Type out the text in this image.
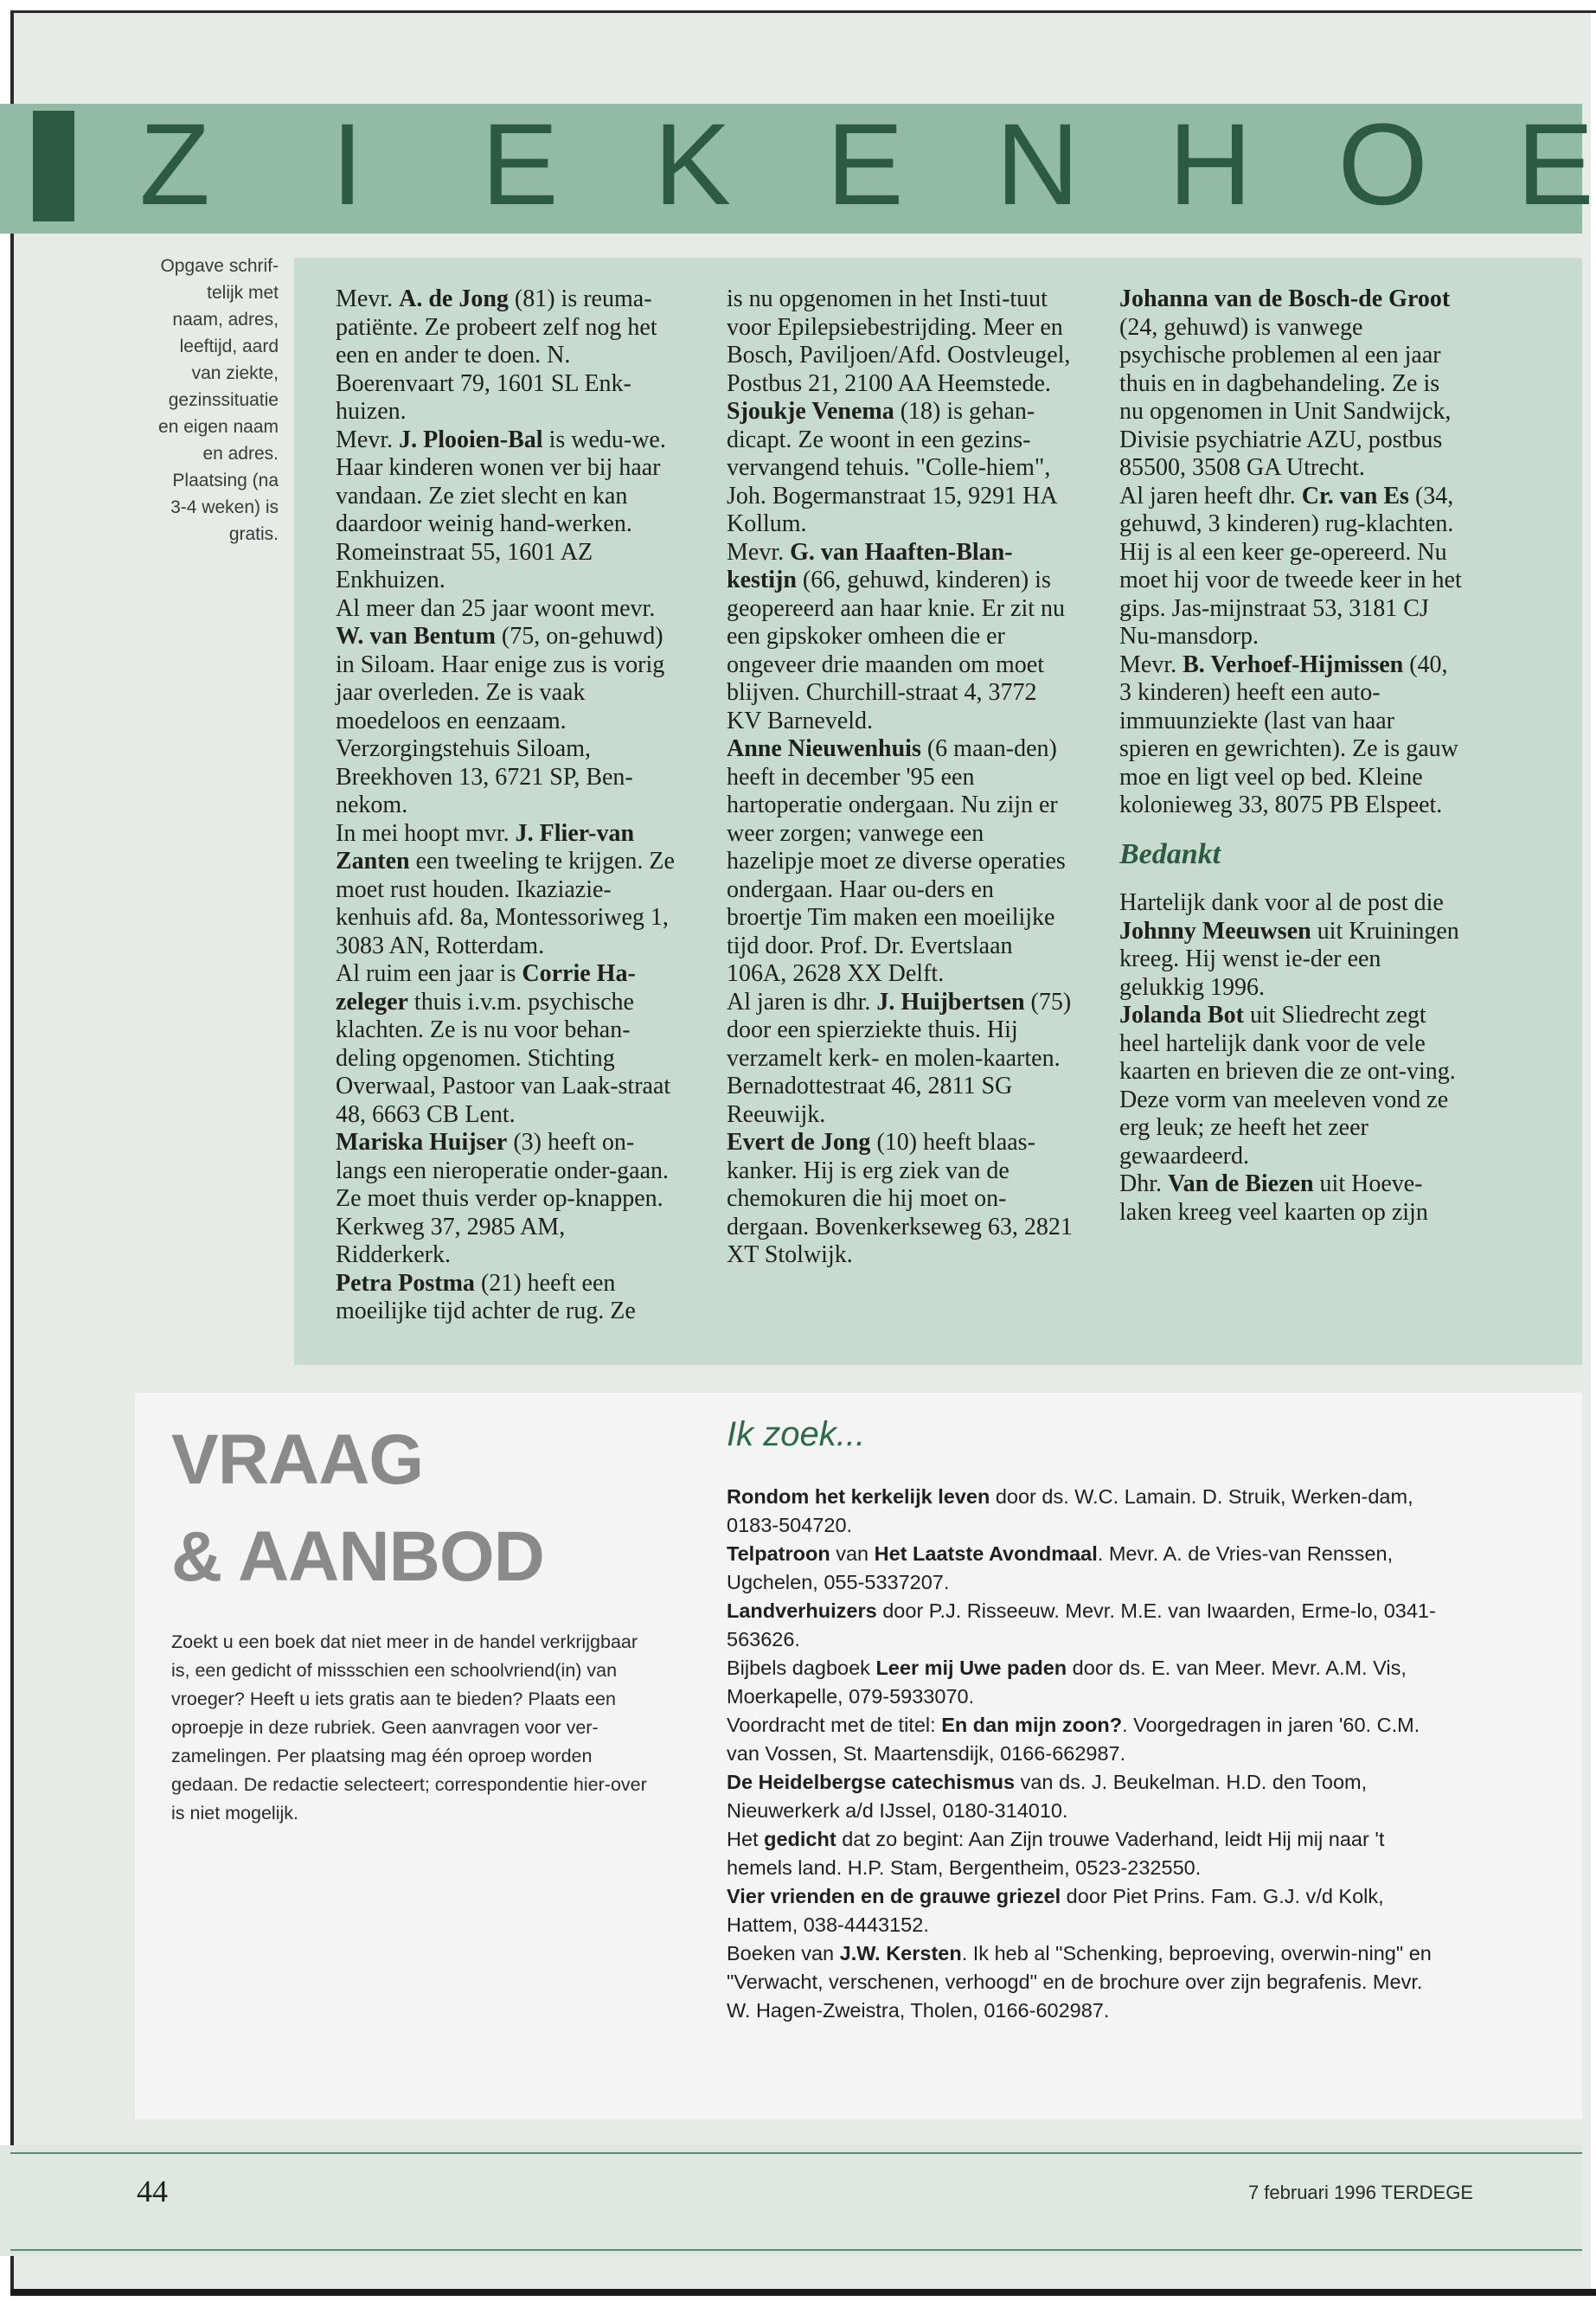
Z I E K E N H O E
Opgave schrif-
telijk met
naam, adres,
leeftijd, aard
van ziekte,
gezinssituatie
en eigen naam
en adres.
Plaatsing (na
3-4 weken) is
gratis.

Mevr. A. de Jong (81) is reuma-patiënte. Ze probeert zelf nog het een en ander te doen. N. Boerenvaart 79, 1601 SL Enk-huizen.

Mevr. J. Plooien-Bal is wedu-we. Haar kinderen wonen ver bij haar vandaan. Ze ziet slecht en kan daardoor weinig hand-werken. Romeinstraat 55, 1601 AZ Enkhuizen.

Al meer dan 25 jaar woont mevr. W. van Bentum (75, on-gehuwd) in Siloam. Haar enige zus is vorig jaar overleden. Ze is vaak moedeloos en eenzaam. Verzorgingstehuis Siloam, Breekhoven 13, 6721 SP, Ben-nekom.

In mei hoopt mvr. J. Flier-van Zanten een tweeling te krijgen. Ze moet rust houden. Ikaziazie-kenhuis afd. 8a, Montessoriweg 1, 3083 AN, Rotterdam.

Al ruim een jaar is Corrie Ha-zeleger thuis i.v.m. psychische klachten. Ze is nu voor behan-deling opgenomen. Stichting Overwaal, Pastoor van Laak-straat 48, 6663 CB Lent.

Mariska Huijser (3) heeft on-langs een nieroperatie onder-gaan. Ze moet thuis verder op-knappen. Kerkweg 37, 2985 AM, Ridderkerk.

Petra Postma (21) heeft een moeilijke tijd achter de rug. Ze

is nu opgenomen in het Insti-tuut voor Epilepsiebestrijding. Meer en Bosch, Paviljoen/Afd. Oostvleugel, Postbus 21, 2100 AA Heemstede.

Sjoukje Venema (18) is gehan-dicapt. Ze woont in een gezins-vervangend tehuis. "Colle-hiem", Joh. Bogermanstraat 15, 9291 HA Kollum.

Mevr. G. van Haaften-Blan-kestijn (66, gehuwd, kinderen) is geopereerd aan haar knie. Er zit nu een gipskoker omheen die er ongeveer drie maanden om moet blijven. Churchill-straat 4, 3772 KV Barneveld.

Anne Nieuwenhuis (6 maan-den) heeft in december '95 een hartoperatie ondergaan. Nu zijn er weer zorgen; vanwege een hazelipje moet ze diverse operaties ondergaan. Haar ou-ders en broertje Tim maken een moeilijke tijd door. Prof. Dr. Evertslaan 106A, 2628 XX Delft.

Al jaren is dhr. J. Huijbertsen (75) door een spierziekte thuis. Hij verzamelt kerk- en molen-kaarten. Bernadottestraat 46, 2811 SG Reeuwijk.

Evert de Jong (10) heeft blaas-kanker. Hij is erg ziek van de chemokuren die hij moet on-dergaan. Bovenkerkseweg 63, 2821 XT Stolwijk.

Johanna van de Bosch-de Groot (24, gehuwd) is vanwege psychische problemen al een jaar thuis en in dagbehandeling. Ze is nu opgenomen in Unit Sandwijck, Divisie psychiatrie AZU, postbus 85500, 3508 GA Utrecht.

Al jaren heeft dhr. Cr. van Es (34, gehuwd, 3 kinderen) rug-klachten. Hij is al een keer ge-opereerd. Nu moet hij voor de tweede keer in het gips. Jas-mijnstraat 53, 3181 CJ Nu-mansdorp.

Mevr. B. Verhoef-Hijmissen (40, 3 kinderen) heeft een auto-immuunziekte (last van haar spieren en gewrichten). Ze is gauw moe en ligt veel op bed. Kleine kolonieweg 33, 8075 PB Elspeet.

Bedankt

Hartelijk dank voor al de post die Johnny Meeuwsen uit Kruiningen kreeg. Hij wenst ie-der een gelukkig 1996.

Jolanda Bot uit Sliedrecht zegt heel hartelijk dank voor de vele kaarten en brieven die ze ont-ving. Deze vorm van meeleven vond ze erg leuk; ze heeft het zeer gewaardeerd.

Dhr. Van de Biezen uit Hoeve-laken kreeg veel kaarten op zijn

VRAAG
& AANBOD
Zoekt u een boek dat niet meer in de handel verkrijgbaar is, een gedicht of missschien een schoolvriend(in) van vroeger? Heeft u iets gratis aan te bieden? Plaats een oproepje in deze rubriek. Geen aanvragen voor ver-zamelingen. Per plaatsing mag één oproep worden gedaan. De redactie selecteert; correspondentie hier-over is niet mogelijk.
Ik zoek...

Rondom het kerkelijk leven door ds. W.C. Lamain. D. Struik, Werken-dam, 0183-504720.

Telpatroon van Het Laatste Avondmaal. Mevr. A. de Vries-van Renssen, Ugchelen, 055-5337207.

Landverhuizers door P.J. Risseeuw. Mevr. M.E. van Iwaarden, Erme-lo, 0341-563626.

Bijbels dagboek Leer mij Uwe paden door ds. E. van Meer. Mevr. A.M. Vis, Moerkapelle, 079-5933070.

Voordracht met de titel: En dan mijn zoon?. Voorgedragen in jaren '60. C.M. van Vossen, St. Maartensdijk, 0166-662987.

De Heidelbergse catechismus van ds. J. Beukelman. H.D. den Toom, Nieuwerkerk a/d IJssel, 0180-314010.

Het gedicht dat zo begint: Aan Zijn trouwe Vaderhand, leidt Hij mij naar 't hemels land. H.P. Stam, Bergentheim, 0523-232550.

Vier vrienden en de grauwe griezel door Piet Prins. Fam. G.J. v/d Kolk, Hattem, 038-4443152.

Boeken van J.W. Kersten. Ik heb al "Schenking, beproeving, overwin-ning" en "Verwacht, verschenen, verhoogd" en de brochure over zijn begrafenis. Mevr. W. Hagen-Zweistra, Tholen, 0166-602987.

44	7 februari 1996 TERDEGE
